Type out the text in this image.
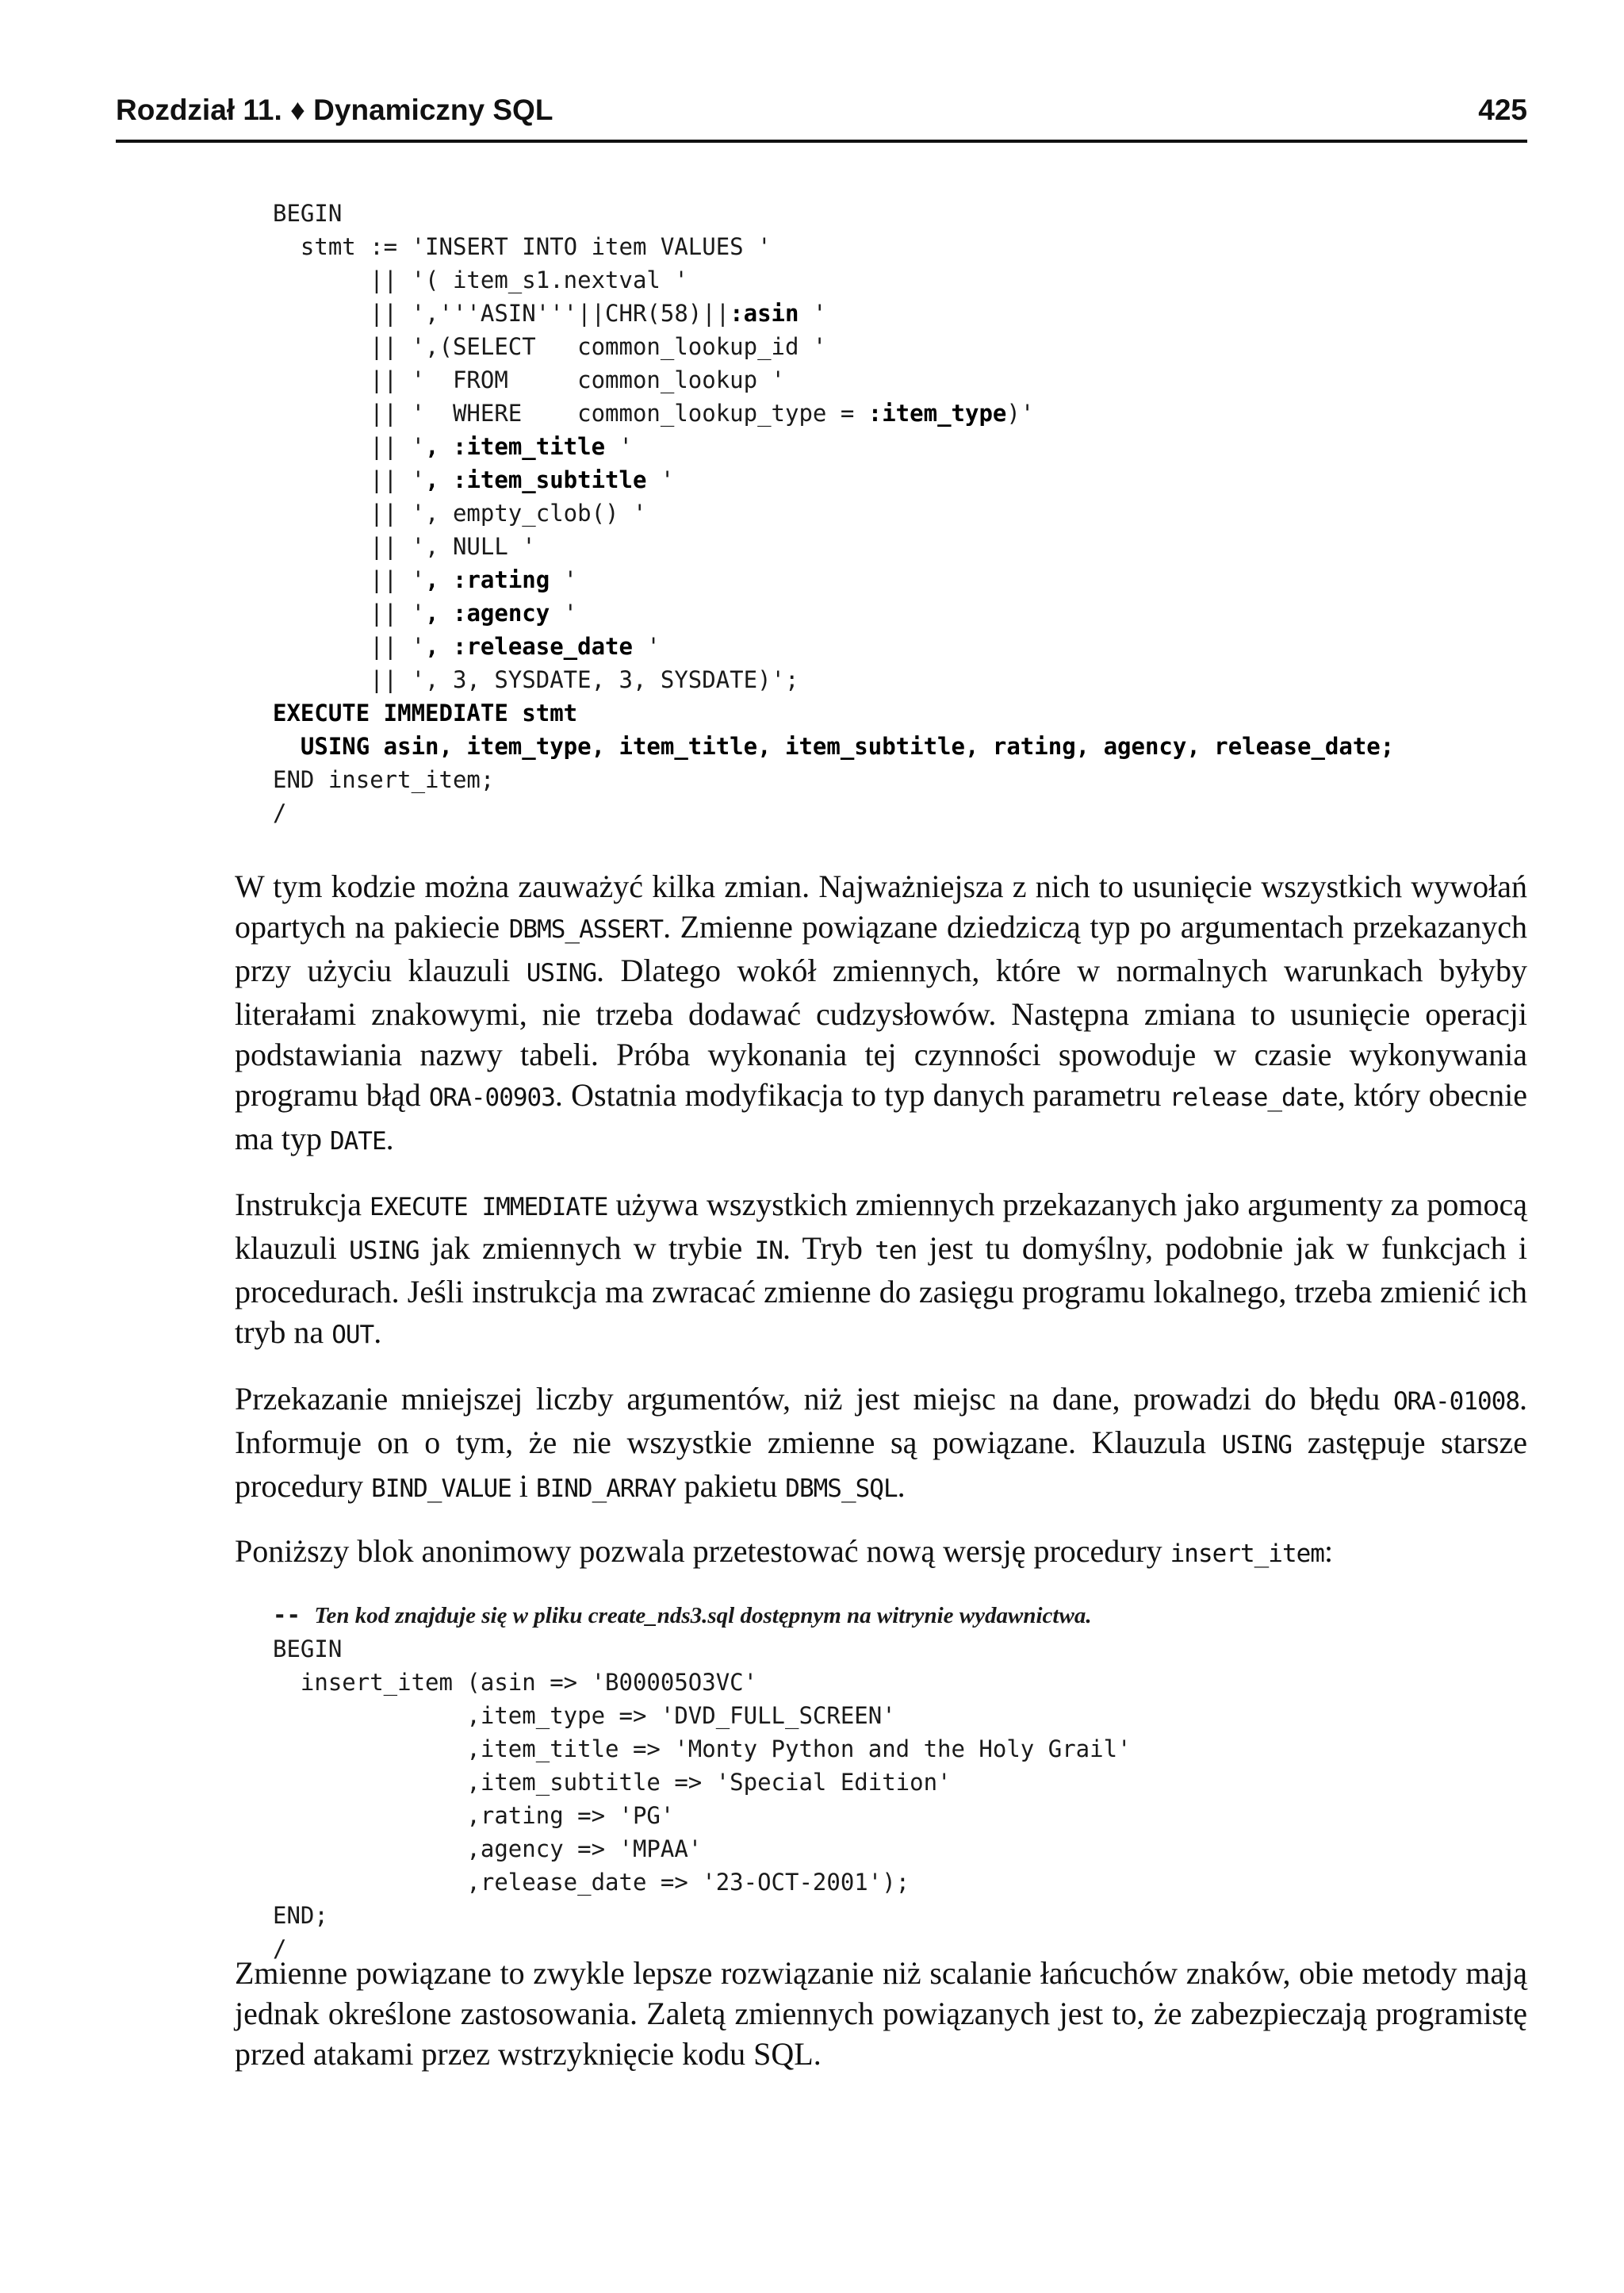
Rozdział 11. ♦ Dynamiczny SQL	425
BEGIN
stmt := 'INSERT INTO item VALUES '
|| '( item_s1.nextval '
|| ','''ASIN'''||CHR(58)||:asin '
|| ',(SELECT   common_lookup_id '
|| '  FROM     common_lookup '
|| '  WHERE    common_lookup_type = :item_type)'
|| ', :item_title '
|| ', :item_subtitle '
|| ', empty_clob() '
|| ', NULL '
|| ', :rating '
|| ', :agency '
|| ', :release_date '
|| ', 3, SYSDATE, 3, SYSDATE)';
EXECUTE IMMEDIATE stmt
USING asin, item_type, item_title, item_subtitle, rating, agency, release_date;
END insert_item;
/

W tym kodzie można zauważyć kilka zmian. Najważniejsza z nich to usunięcie wszystkich wywołań opartych na pakiecie DBMS_ASSERT. Zmienne powiązane dziedziczą typ po argumentach przekazanych przy użyciu klauzuli USING. Dlatego wokół zmiennych, które w normalnych warunkach byłyby literałami znakowymi, nie trzeba dodawać cudzysłowów. Następna zmiana to usunięcie operacji podstawiania nazwy tabeli. Próba wykonania tej czynności spowoduje w czasie wykonywania programu błąd ORA-00903. Ostatnia modyfikacja to typ danych parametru release_date, który obecnie ma typ DATE.

Instrukcja EXECUTE IMMEDIATE używa wszystkich zmiennych przekazanych jako argumenty za pomocą klauzuli USING jak zmiennych w trybie IN. Tryb ten jest tu domyślny, podobnie jak w funkcjach i procedurach. Jeśli instrukcja ma zwracać zmienne do zasięgu programu lokalnego, trzeba zmienić ich tryb na OUT.

Przekazanie mniejszej liczby argumentów, niż jest miejsc na dane, prowadzi do błędu ORA-01008. Informuje on o tym, że nie wszystkie zmienne są powiązane. Klauzula USING zastępuje starsze procedury BIND_VALUE i BIND_ARRAY pakietu DBMS_SQL.

Poniższy blok anonimowy pozwala przetestować nową wersję procedury insert_item:

-- Ten kod znajduje się w pliku create_nds3.sql dostępnym na witrynie wydawnictwa.
BEGIN
insert_item (asin => 'B00005O3VC'
,item_type => 'DVD_FULL_SCREEN'
,item_title => 'Monty Python and the Holy Grail'
,item_subtitle => 'Special Edition'
,rating => 'PG'
,agency => 'MPAA'
,release_date => '23-OCT-2001');
END;
/

Zmienne powiązane to zwykle lepsze rozwiązanie niż scalanie łańcuchów znaków, obie metody mają jednak określone zastosowania. Zaletą zmiennych powiązanych jest to, że zabezpieczają programistę przed atakami przez wstrzyknięcie kodu SQL.
